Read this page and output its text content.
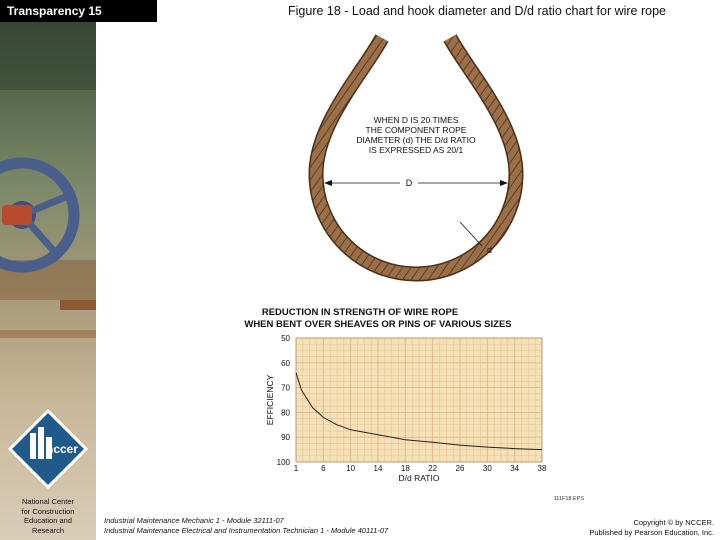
nccer
Transparency 15	Figure 18 - Load and hook diameter and D/d ratio chart for wire rope
WHEN D IS 20 TIMES
THE COMPONENT ROPE
DIAMETER (d) THE D/d RATIO
IS EXPRESSED AS 20/1
D
d
REDUCTION IN STRENGTH OF WIRE ROPE
WHEN BENT OVER SHEAVES OR PINS OF VARIOUS SIZES
50
60
70
80
90
100
1	6	10 14 18 22 26 30 34 38
D/d RATIO
EFFICIENCY
111F18.EPS
National Center
for Construction
Education and
Research
Industrial Maintenance Mechanic 1 - Module 32111-07
Industrial Maintenance Electrical and Instrumentation Technician 1 - Module 40111-07
Copyright © by NCCER.
Published by Pearson Education, Inc.
